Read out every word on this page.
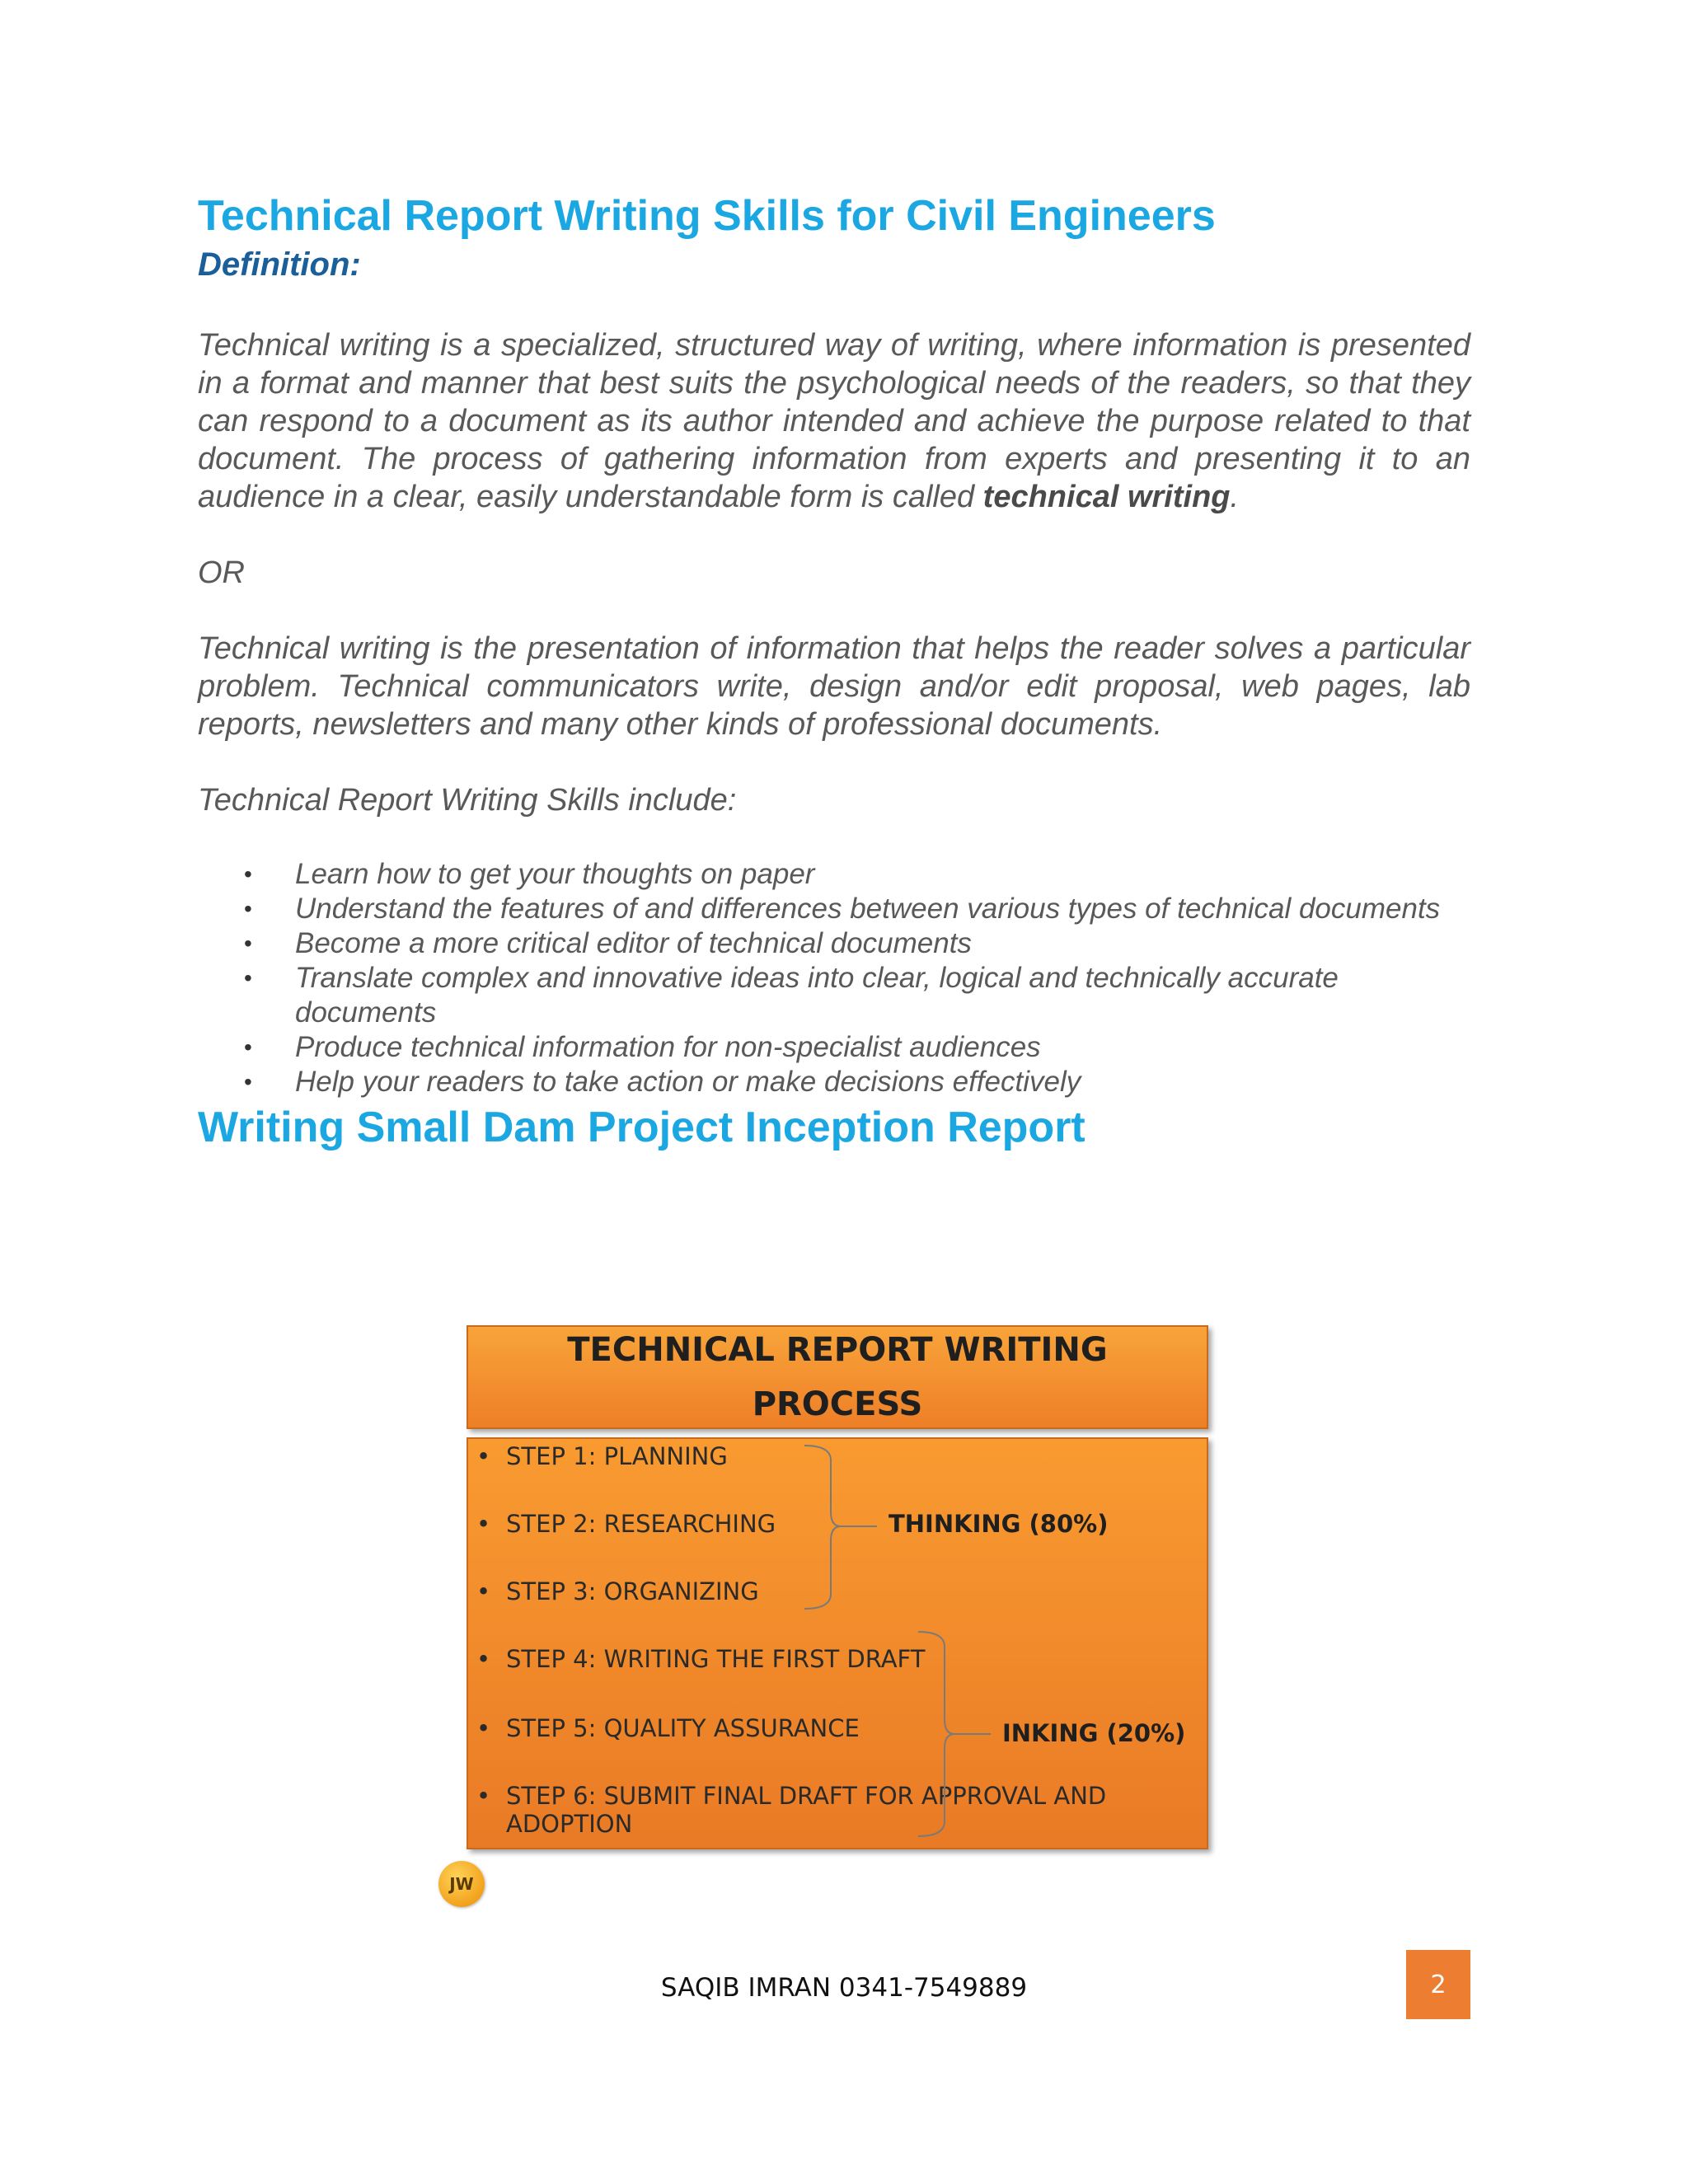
Technical Report Writing Skills for Civil Engineers
Definition:

Technical writing is a specialized, structured way of writing, where information is presented in a format and manner that best suits the psychological needs of the readers, so that they can respond to a document as its author intended and achieve the purpose related to that document. The process of gathering information from experts and presenting it to an audience in a clear, easily understandable form is called technical writing.

OR

Technical writing is the presentation of information that helps the reader solves a particular problem. Technical communicators write, design and/or edit proposal, web pages, lab reports, newsletters and many other kinds of professional documents.

Technical Report Writing Skills include:

• Learn how to get your thoughts on paper
• Understand the features of and differences between various types of technical documents
• Become a more critical editor of technical documents
• Translate complex and innovative ideas into clear, logical and technically accurate documents
• Produce technical information for non-specialist audiences
• Help your readers to take action or make decisions effectively
Writing Small Dam Project Inception Report
TECHNICAL REPORT WRITING
PROCESS
• STEP 1: PLANNING
• STEP 2: RESEARCHING
• STEP 3: ORGANIZING
• STEP 4: WRITING THE FIRST DRAFT
• STEP 5: QUALITY ASSURANCE
• STEP 6: SUBMIT FINAL DRAFT FOR APPROVAL AND ADOPTION
THINKING (80%)
INKING (20%)
JW
SAQIB IMRAN 0341-7549889	2
